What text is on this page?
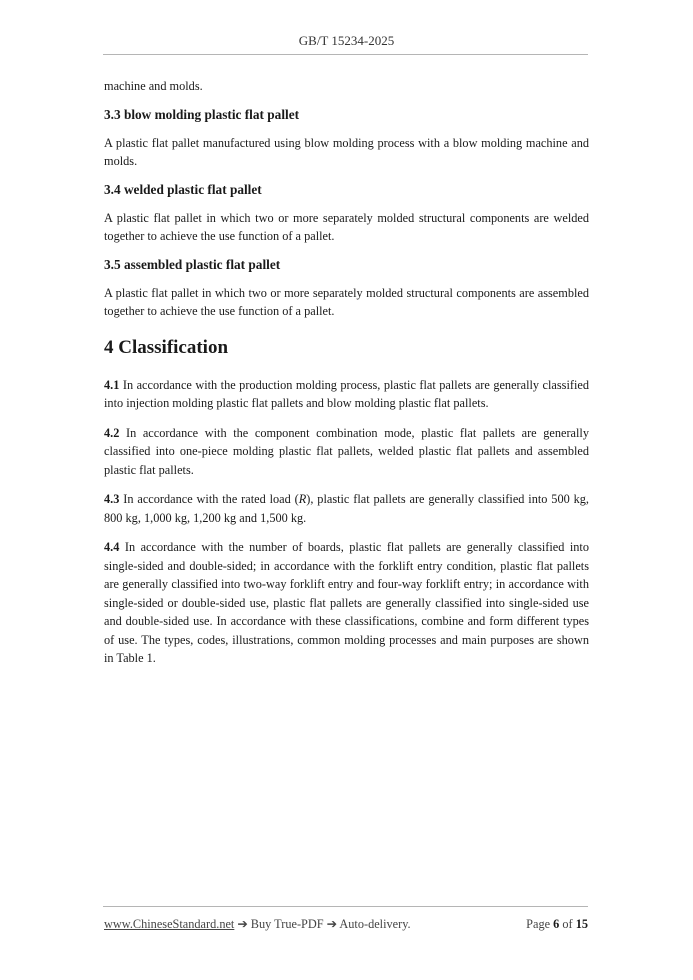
GB/T 15234-2025

machine and molds.

3.3 blow molding plastic flat pallet

A plastic flat pallet manufactured using blow molding process with a blow molding machine and molds.

3.4 welded plastic flat pallet

A plastic flat pallet in which two or more separately molded structural components are welded together to achieve the use function of a pallet.

3.5 assembled plastic flat pallet

A plastic flat pallet in which two or more separately molded structural components are assembled together to achieve the use function of a pallet.

4 Classification

4.1 In accordance with the production molding process, plastic flat pallets are generally classified into injection molding plastic flat pallets and blow molding plastic flat pallets.

4.2 In accordance with the component combination mode, plastic flat pallets are generally classified into one-piece molding plastic flat pallets, welded plastic flat pallets and assembled plastic flat pallets.

4.3 In accordance with the rated load (R), plastic flat pallets are generally classified into 500 kg, 800 kg, 1,000 kg, 1,200 kg and 1,500 kg.

4.4 In accordance with the number of boards, plastic flat pallets are generally classified into single-sided and double-sided; in accordance with the forklift entry condition, plastic flat pallets are generally classified into two-way forklift entry and four-way forklift entry; in accordance with single-sided or double-sided use, plastic flat pallets are generally classified into single-sided use and double-sided use. In accordance with these classifications, combine and form different types of use. The types, codes, illustrations, common molding processes and main purposes are shown in Table 1.

www.ChineseStandard.net ➔ Buy True-PDF ➔ Auto-delivery.	Page 6 of 15
